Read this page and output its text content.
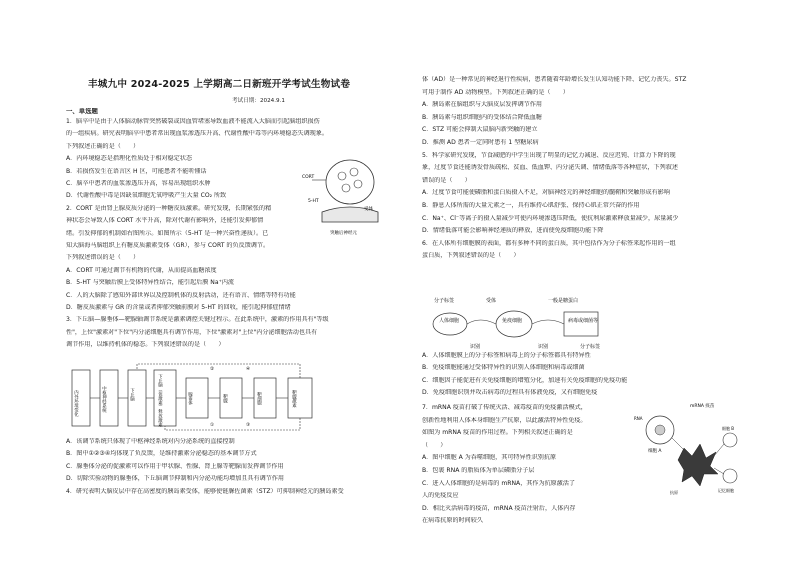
丰城九中 2024-2025 上学期高二日新班开学考试生物试卷
考试日期：2024.9.1
一、单选题
1．脑卒中是由于人体脑动脉管突然破裂或因血管堵塞导致血液不能流入大脑而引起脑组织损伤
的一组疾病。研究表明脑卒中患者常出现血浆渗透压升高、代谢性酸中毒等内环境稳态失调现象。
下列叙述正确的是（　　）
A．内环境稳态是指理化性质处于相对稳定状态
B．若损伤发生在语言区 H 区，可能患者不能听懂话
C．脑卒中患者的血浆渗透压升高，容易出现组织水肿
D．代谢性酸中毒是因缺氧细胞无氧呼吸产生大量 CO₂ 所致
2．CORT 是由肾上腺皮质分泌的一种糖皮质激素。研究发现，长期紧张的精
神状态会导致人体 CORT 水平升高，除对代谢有影响外，还能引发抑郁情
绪。引发抑郁的机制如右图所示。如图所示（5-HT 是一种兴奋性递质）。已
知大脑海马脑组织上有糖皮质激素受体（GR），参与 CORT 的负反馈调节。
下列叙述错误的是（　　）
A．CORT 可通过调节有机物的代谢，从而提高血糖浓度
B．5-HT 与突触后膜上受体特异性结合，能引起后膜 Na⁺内流
C．人的大脑除了感知外部世界以及控制机体的反射活动，还有语言、情绪等特有功能
D．糖皮质激素与 GR 的含量或者抑郁突触前膜对 5-HT 的回收，能引起抑郁症情绪
3．下丘脑—腺垂体—靶腺轴调节系统是激素调控关键过程示。在此系统中，激素的作用具有"等级
性"，上位"激素对"下位"内分泌细胞具有调节作用，下位"激素对"上位"内分泌细胞活动也具有
调节作用，以维持机体的稳态。下列叙述错误的是（　　）
CORT
受体
5-HT
突触后神经元
内外环境变化	中枢神经系统	下丘脑	下丘脑（促激素）释放激素	腺垂体	靶腺	靶细胞	靶腺激素
①
②
③
④
A．该调节系统只体现了中枢神经系统对内分泌系统的直接控制
B．图中①②③④均体现了负反馈，是维持激素分泌稳态的基本调节方式
C．腺垂体分泌的促激素可以作用于甲状腺、性腺、肾上腺等靶腺而发挥调节作用
D．切除实验动物的腺垂体，下丘脑调节抑制和内分泌功能均增加且具有调节作用
4．研究表明大脑皮层中存在高密度的胰岛素受体，能够使链脲佐菌素（STZ）可抑制神经元的胰岛素受
体（AD）是一种常见的神经退行性疾病，患者随着年龄增长发生认知功能下降、记忆力丧失。STZ
可用于制作 AD 动物模型。下列叙述正确的是（　　）
A．胰岛素在脑组织与大脑皮层发挥调节作用
B．胰岛素与组织细胞内的受体结合降低血糖
C．STZ 可能会抑制大鼠脑内新突触的建立
D．推测 AD 患者一定同时患有 1 型糖尿病
5．科学家研究发现，节食减肥的中学生出现了明显的记忆力减退、反应迟钝、计算力下降的现
象，过度节食还能诱发骨质疏松、贫血、低血钾、内分泌失调、情绪低落等各种症状，下列叙述
错误的是（　　）
A．过度节食可能使磷脂和蛋白质摄入不足，对脑神经元的神经细胞的髓鞘和突触形成有影响
B．静息人体所需的大量元素之一，具有维持心肌舒张、保持心肌正常兴奋的作用
C．Na⁺、Cl⁻等离子的摄入量减少可使内环境渗透压降低，使抗利尿激素释放量减少，尿量减少
D．情绪低落可能会影响神经递质的释放，进而使免疫细胞功能下降
6．在人体所有细胞膜的表面，都有多种不同的蛋白质，其中包括作为分子标签来起作用的一组
蛋白质，下列叙述错误的是（　　）
分子标签	受体	一般是糖蛋白
人体细胞	免疫细胞	病毒或细菌等
识别	识别	分子标签
A．人体细胞膜上的分子标签和病毒上的分子标签都具有特异性
B．免疫细胞能通过受体特异性的识别人体细胞和病毒或细菌
C．细胞因子能促进有关免疫细胞的增殖分化，加速有关免疫细胞的免疫功能
D．免疫细胞识别并攻击病毒的过程具有体液免疫，又有细胞免疫
7．mRNA 疫苗打破了传统灭活、减毒疫苗的免疫激活模式，
创新性地利用人体本身细胞生产抗原，以此激活特异性免疫。
如图为 mRNA 疫苗的作用过程。下列相关叙述正确的是
（　　）
A．图中细胞 A 为吞噬细胞，其可特异性识别抗原
B．包裹 RNA 的脂质体为单层磷脂分子层
C．进入人体细胞的是病毒的 mRNA，其作为抗原激活了
人的免疫反应
D．相比灭活病毒的疫苗，mRNA 疫苗注射后，人体内存
在病毒抗原的时间较久
mRNA 疫苗
细胞 A
RNA
抗原
细胞 B
记忆细胞
